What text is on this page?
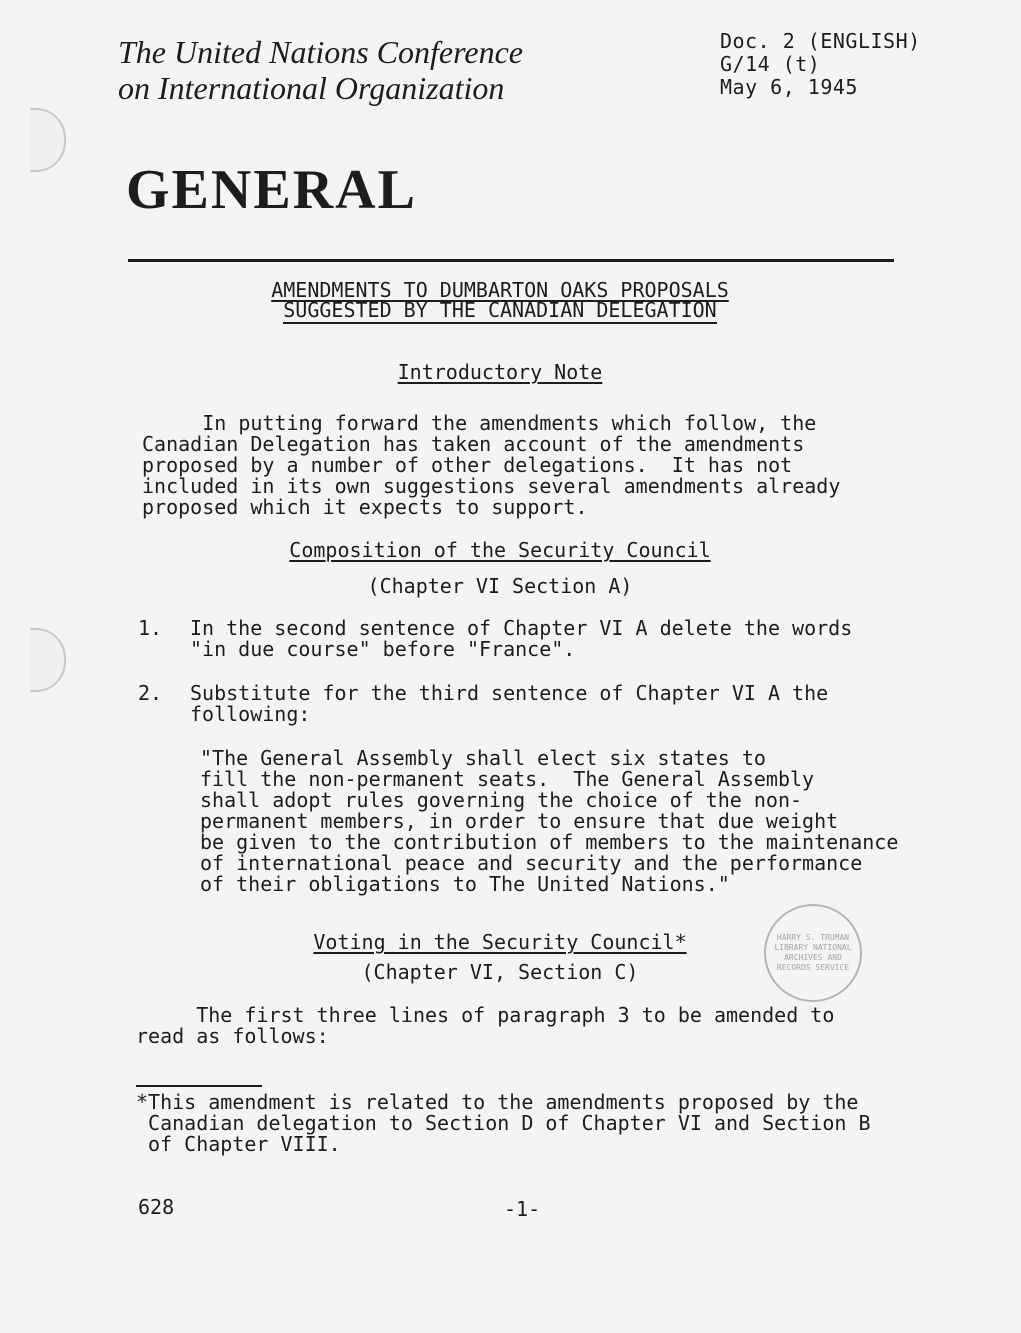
The United Nations Conference
on International Organization
Doc. 2 (ENGLISH)
G/14 (t)
May 6, 1945
GENERAL
AMENDMENTS TO DUMBARTON OAKS PROPOSALS
SUGGESTED BY THE CANADIAN DELEGATION
Introductory Note
In putting forward the amendments which follow, the
Canadian Delegation has taken account of the amendments
proposed by a number of other delegations.  It has not
included in its own suggestions several amendments already
proposed which it expects to support.
Composition of the Security Council
(Chapter VI Section A)
1. In the second sentence of Chapter VI A delete the words
"in due course" before "France".
2. Substitute for the third sentence of Chapter VI A the
following:
"The General Assembly shall elect six states to
fill the non-permanent seats.  The General Assembly
shall adopt rules governing the choice of the non-
permanent members, in order to ensure that due weight
be given to the contribution of members to the maintenance
of international peace and security and the performance
of their obligations to The United Nations."
HARRY S. TRUMAN LIBRARY NATIONAL ARCHIVES AND RECORDS SERVICE
Voting in the Security Council*
(Chapter VI, Section C)
The first three lines of paragraph 3 to be amended to
read as follows:
*This amendment is related to the amendments proposed by the
Canadian delegation to Section D of Chapter VI and Section B
of Chapter VIII.
628	-1-
